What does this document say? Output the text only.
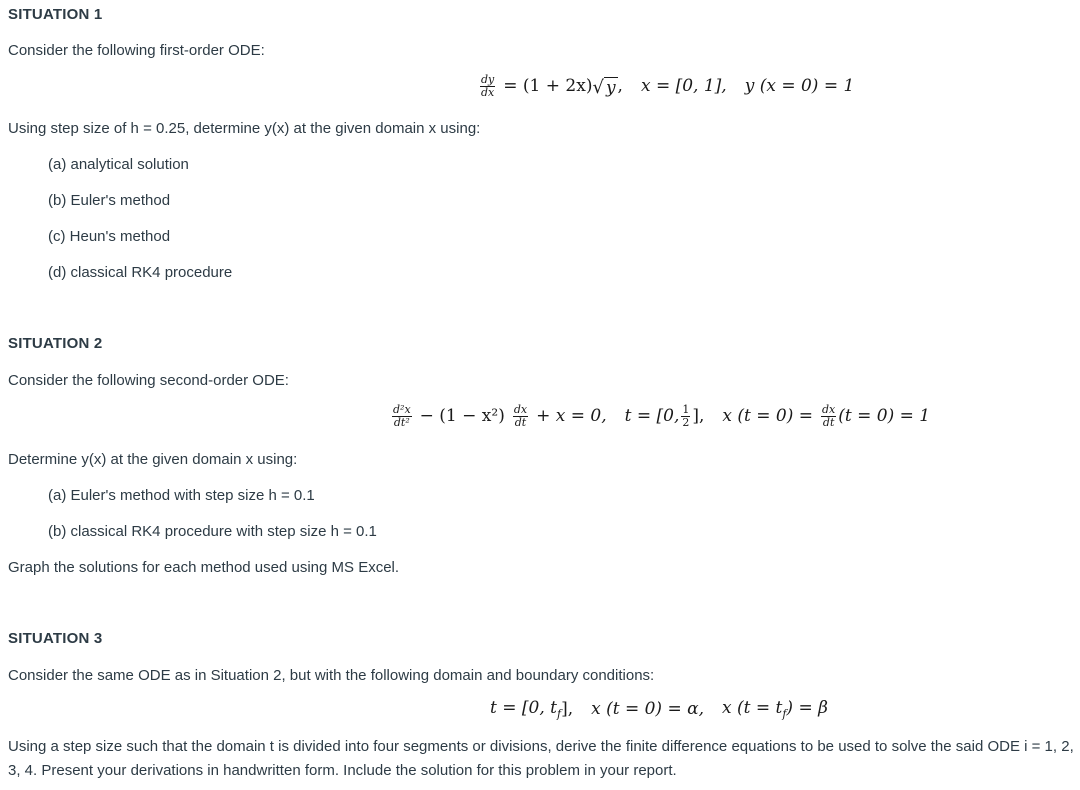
SITUATION 1
Consider the following first-order ODE:
$\frac{dy}{dx} = (1 + 2x)$ √ y , x = [0, 1], y (x = 0) = 1
Using step size of h = 0.25, determine y(x) at the given domain x using:
(a) analytical solution
(b) Euler's method
(c) Heun's method
(d) classical RK4 procedure
SITUATION 2
Consider the following second-order ODE:
$\frac{\text{d²x}}{\text{dt²}} - (1 - x^2) \frac{dx}{dt} + x = 0$, t = [0, $\frac{1}{2}$ ], x $(t = 0) = \frac{dx}{dt} (t = 0) = 1$
Determine y(x) at the given domain x using:
(a) Euler's method with step size h = 0.1
(b) classical RK4 procedure with step size h = 0.1
Graph the solutions for each method used using MS Excel.
SITUATION 3
Consider the same ODE as in Situation 2, but with the following domain and boundary conditions:
t = [0, $t_f$ ], x (t = 0) = α, x $(t = t_f) = \beta$
Using a step size such that the domain t is divided into four segments or divisions, derive the finite difference equations to be used to solve the said ODE i = 1, 2, 3, 4. Present your derivations in handwritten form. Include the solution for this problem in your report.
